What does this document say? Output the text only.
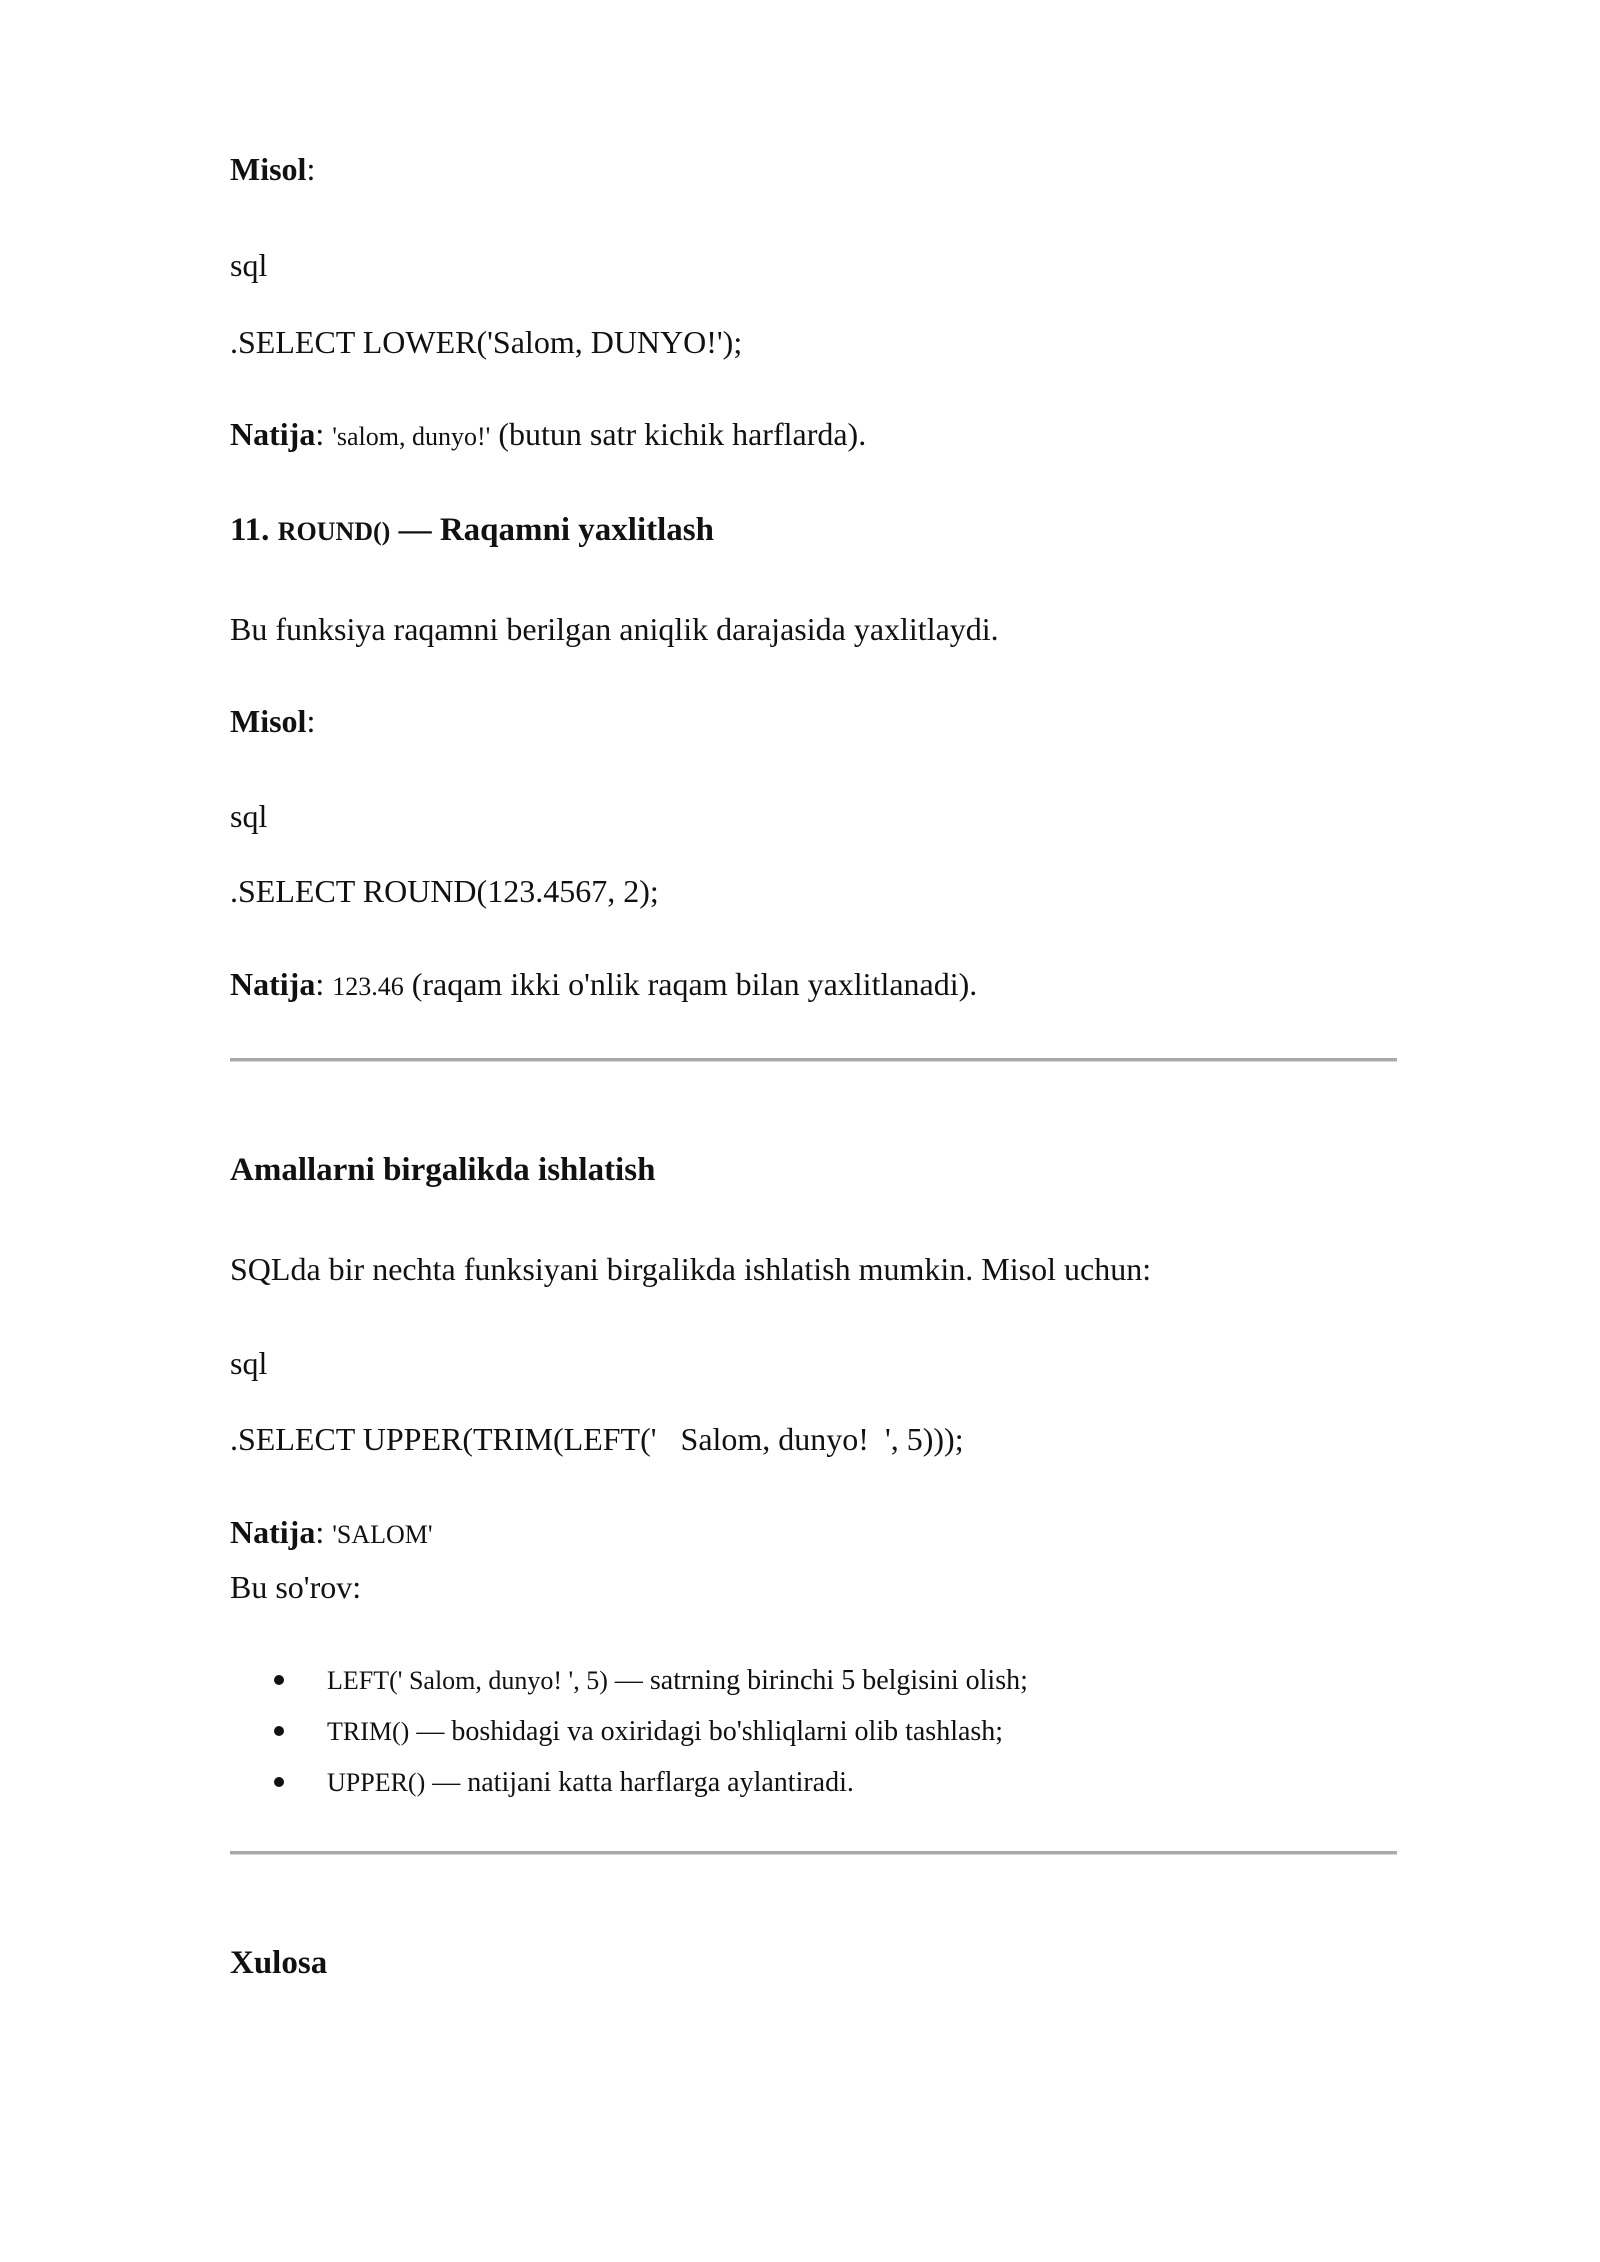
Misol:

sql

.SELECT LOWER('Salom, DUNYO!');

Natija: 'salom, dunyo!' (butun satr kichik harflarda).

11. ROUND() — Raqamni yaxlitlash

Bu funksiya raqamni berilgan aniqlik darajasida yaxlitlaydi.

Misol:

sql

.SELECT ROUND(123.4567, 2);

Natija: 123.46 (raqam ikki o'nlik raqam bilan yaxlitlanadi).

Amallarni birgalikda ishlatish

SQLda bir nechta funksiyani birgalikda ishlatish mumkin. Misol uchun:

sql

.SELECT UPPER(TRIM(LEFT('   Salom, dunyo!  ', 5)));

Natija: 'SALOM'

Bu so'rov:

LEFT(' Salom, dunyo! ', 5) — satrning birinchi 5 belgisini olish;

TRIM() — boshidagi va oxiridagi bo'shliqlarni olib tashlash;

UPPER() — natijani katta harflarga aylantiradi.

Xulosa
